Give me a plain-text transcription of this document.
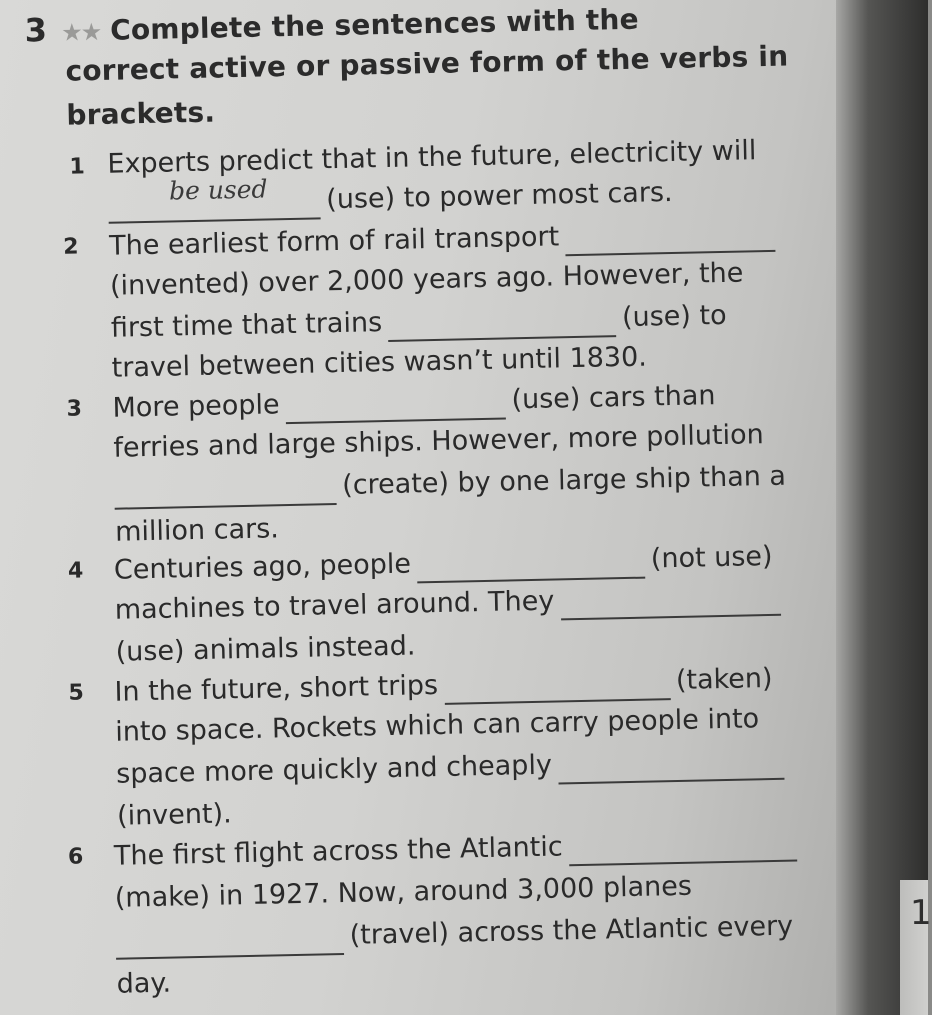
1
3 ★★ Complete the sentences with the
correct active or passive form of the verbs in
brackets.
1 Experts predict that in the future, electricity will
(use) to power most cars.
be used
2 The earliest form of rail transport
(invented) over 2,000 years ago. However, the
first time that trains	(use) to
travel between cities wasn’t until 1830.
3 More people	(use) cars than
ferries and large ships. However, more pollution
(create) by one large ship than a
million cars.
4 Centuries ago, people	(not use)
machines to travel around. They
(use) animals instead.
5 In the future, short trips	(taken)
into space. Rockets which can carry people into
space more quickly and cheaply
(invent).
6 The first flight across the Atlantic
(make) in 1927. Now, around 3,000 planes
(travel) across the Atlantic every
day.
